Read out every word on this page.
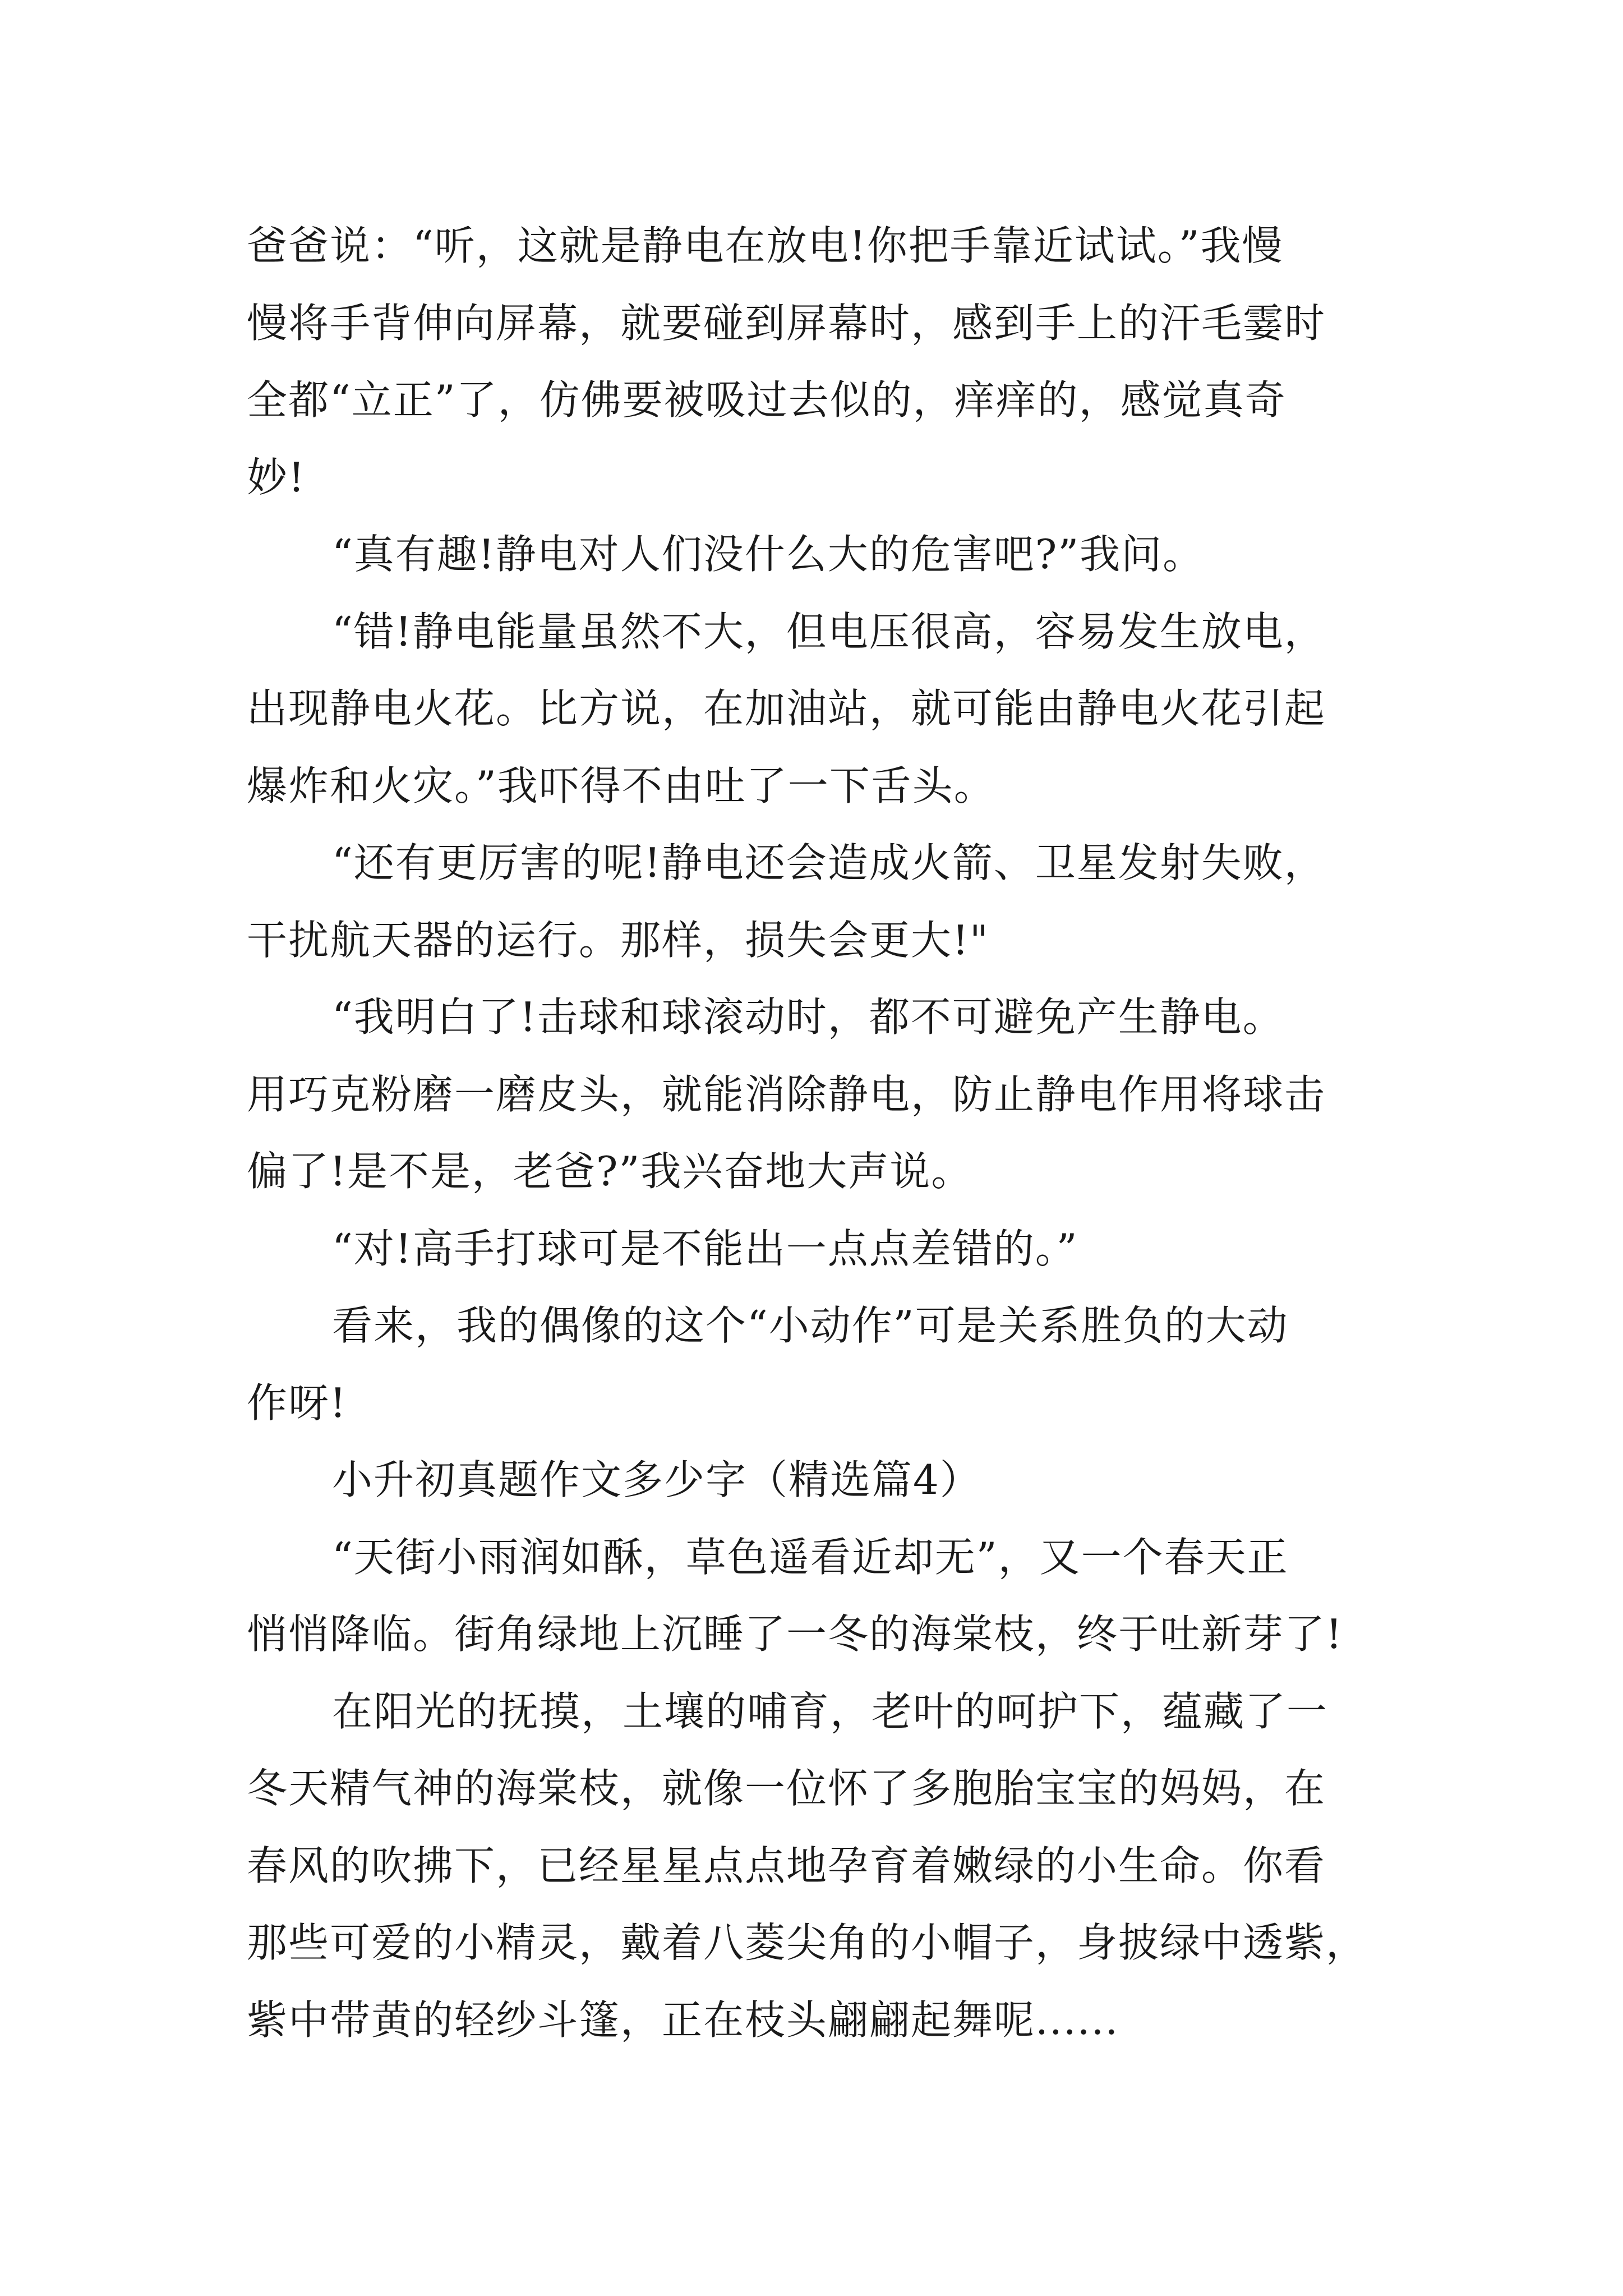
爸爸说：“听，这就是静电在放电!你把手靠近试试。”我慢
慢将手背伸向屏幕，就要碰到屏幕时，感到手上的汗毛霎时
全都“立正”了，仿佛要被吸过去似的，痒痒的，感觉真奇
妙!
“真有趣!静电对人们没什么大的危害吧?”我问。
“错!静电能量虽然不大，但电压很高，容易发生放电，
出现静电火花。比方说，在加油站，就可能由静电火花引起
爆炸和火灾。”我吓得不由吐了一下舌头。
“还有更厉害的呢!静电还会造成火箭、卫星发射失败，
干扰航天器的运行。那样，损失会更大!"
“我明白了!击球和球滚动时，都不可避免产生静电。
用巧克粉磨一磨皮头，就能消除静电，防止静电作用将球击
偏了!是不是，老爸?”我兴奋地大声说。
“对!高手打球可是不能出一点点差错的。”
看来，我的偶像的这个“小动作”可是关系胜负的大动
作呀!
小升初真题作文多少字（精选篇4）
“天街小雨润如酥，草色遥看近却无”，又一个春天正
悄悄降临。街角绿地上沉睡了一冬的海棠枝，终于吐新芽了!
在阳光的抚摸，土壤的哺育，老叶的呵护下，蕴藏了一
冬天精气神的海棠枝，就像一位怀了多胞胎宝宝的妈妈，在
春风的吹拂下，已经星星点点地孕育着嫩绿的小生命。你看
那些可爱的小精灵，戴着八菱尖角的小帽子，身披绿中透紫，
紫中带黄的轻纱斗篷，正在枝头翩翩起舞呢......
